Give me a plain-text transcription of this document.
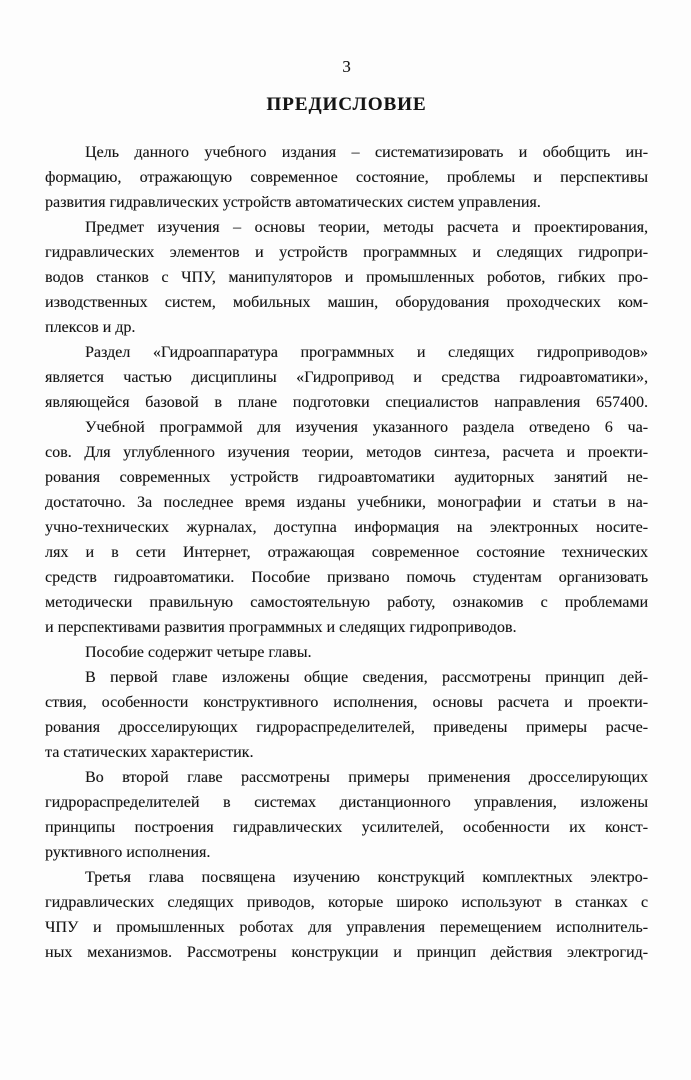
3
ПРЕДИСЛОВИЕ
Цель данного учебного издания – систематизировать и обобщить ин-
формацию, отражающую современное состояние, проблемы и перспективы
развития гидравлических устройств автоматических систем управления.
Предмет изучения – основы теории, методы расчета и проектирования,
гидравлических элементов и устройств программных и следящих гидропри-
водов станков с ЧПУ, манипуляторов и промышленных роботов, гибких про-
изводственных систем, мобильных машин, оборудования проходческих ком-
плексов и др.
Раздел «Гидроаппаратура программных и следящих гидроприводов»
является частью дисциплины «Гидропривод и средства гидроавтоматики»,
являющейся базовой в плане подготовки специалистов направления 657400.
Учебной программой для изучения указанного раздела отведено 6 ча-
сов. Для углубленного изучения теории, методов синтеза, расчета и проекти-
рования современных устройств гидроавтоматики аудиторных занятий не-
достаточно. За последнее время изданы учебники, монографии и статьи в на-
учно-технических журналах, доступна информация на электронных носите-
лях и в сети Интернет, отражающая современное состояние технических
средств гидроавтоматики. Пособие призвано помочь студентам организовать
методически правильную самостоятельную работу, ознакомив с проблемами
и перспективами развития программных и следящих гидроприводов.
Пособие содержит четыре главы.
В первой главе изложены общие сведения, рассмотрены принцип дей-
ствия, особенности конструктивного исполнения, основы расчета и проекти-
рования дросселирующих гидрораспределителей, приведены примеры расче-
та статических характеристик.
Во второй главе рассмотрены примеры применения дросселирующих
гидрораспределителей в системах дистанционного управления, изложены
принципы построения гидравлических усилителей, особенности их конст-
руктивного исполнения.
Третья глава посвящена изучению конструкций комплектных электро-
гидравлических следящих приводов, которые широко используют в станках с
ЧПУ и промышленных роботах для управления перемещением исполнитель-
ных механизмов. Рассмотрены конструкции и принцип действия электрогид-
